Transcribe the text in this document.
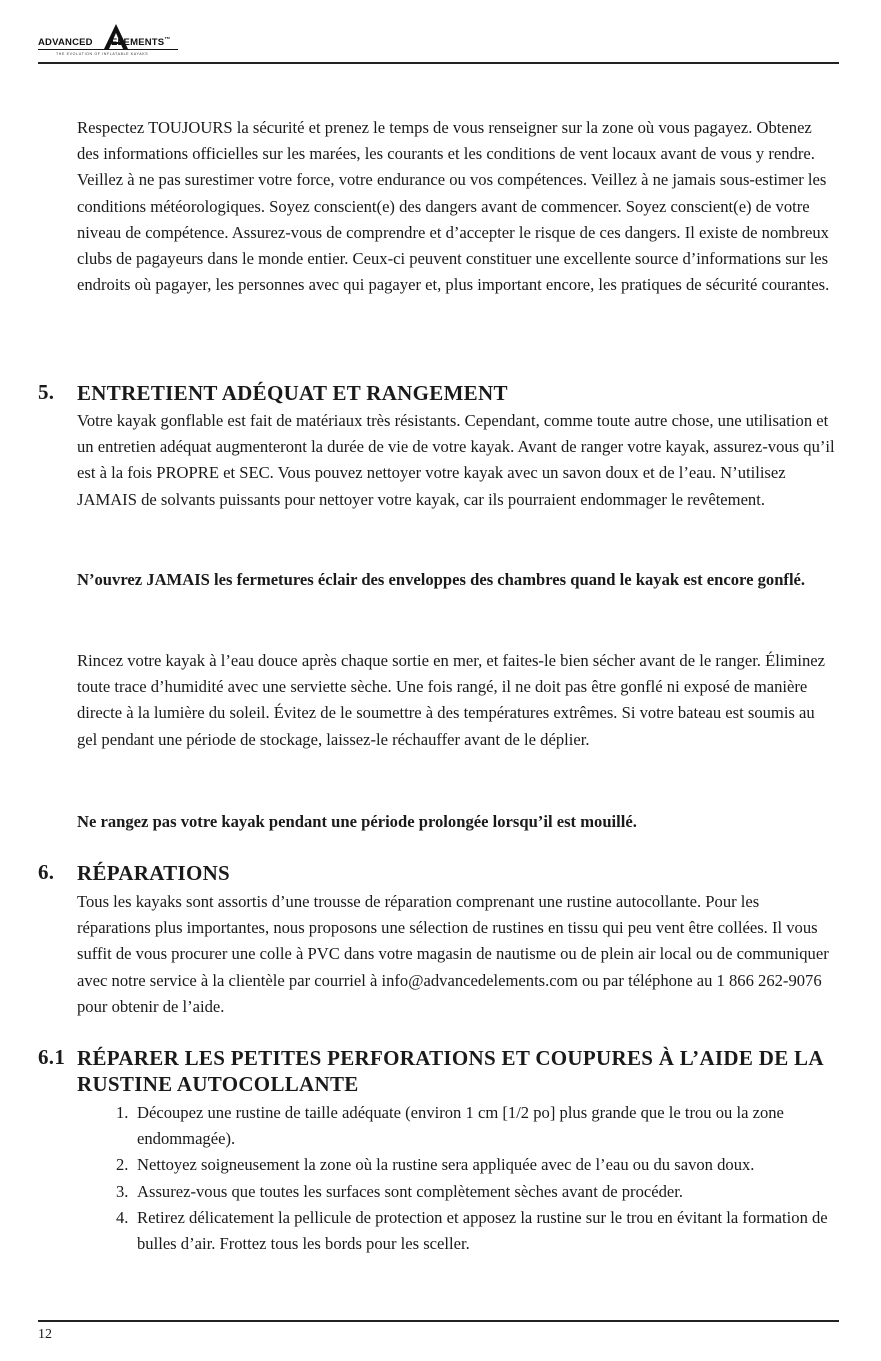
ADVANCED ELEMENTS™
THE EVOLUTION OF INFLATABLE KAYAKS

Respectez TOUJOURS la sécurité et prenez le temps de vous renseigner sur la zone où vous pagayez. Obtenez des informations officielles sur les marées, les courants et les conditions de vent locaux avant de vous y rendre. Veillez à ne pas surestimer votre force, votre endurance ou vos compétences. Veillez à ne jamais sous-estimer les conditions météorologiques. Soyez conscient(e) des dangers avant de commencer. Soyez conscient(e) de votre niveau de compétence. Assurez-vous de comprendre et d’accepter le risque de ces dangers. Il existe de nombreux clubs de pagayeurs dans le monde entier. Ceux-ci peuvent constituer une excellente source d’informations sur les endroits où pagayer, les personnes avec qui pagayer et, plus important encore, les pratiques de sécurité courantes.

5. ENTRETIENT ADÉQUAT ET RANGEMENT

Votre kayak gonflable est fait de matériaux très résistants. Cependant, comme toute autre chose, une utilisation et un entretien adéquat augmenteront la durée de vie de votre kayak. Avant de ranger votre kayak, assurez-vous qu’il est à la fois PROPRE et SEC. Vous pouvez nettoyer votre kayak avec un savon doux et de l’eau. N’utilisez JAMAIS de solvants puissants pour nettoyer votre kayak, car ils pourraient endommager le revêtement.

N’ouvrez JAMAIS les fermetures éclair des enveloppes des chambres quand le kayak est encore gonflé.

Rincez votre kayak à l’eau douce après chaque sortie en mer, et faites-le bien sécher avant de le ranger. Éliminez toute trace d’humidité avec une serviette sèche. Une fois rangé, il ne doit pas être gonflé ni exposé de manière directe à la lumière du soleil. Évitez de le soumettre à des températures extrêmes. Si votre bateau est soumis au gel pendant une période de stockage, laissez-le réchauffer avant de le déplier.

Ne rangez pas votre kayak pendant une période prolongée lorsqu’il est mouillé.

6. RÉPARATIONS

Tous les kayaks sont assortis d’une trousse de réparation comprenant une rustine autocollante. Pour les réparations plus importantes, nous proposons une sélection de rustines en tissu qui peu vent être collées. Il vous suffit de vous procurer une colle à PVC dans votre magasin de nautisme ou de plein air local ou de communiquer avec notre service à la clientèle par courriel à info@advancedelements.com ou par téléphone au 1 866 262-9076 pour obtenir de l’aide.

6.1 RÉPARER LES PETITES PERFORATIONS ET COUPURES À L’AIDE DE LA RUSTINE AUTOCOLLANTE
1. Découpez une rustine de taille adéquate (environ 1 cm [1/2 po] plus grande que le trou ou la zone endommagée).
2. Nettoyez soigneusement la zone où la rustine sera appliquée avec de l’eau ou du savon doux.
3. Assurez-vous que toutes les surfaces sont complètement sèches avant de procéder.
4. Retirez délicatement la pellicule de protection et apposez la rustine sur le trou en évitant la formation de bulles d’air. Frottez tous les bords pour les sceller.
12
